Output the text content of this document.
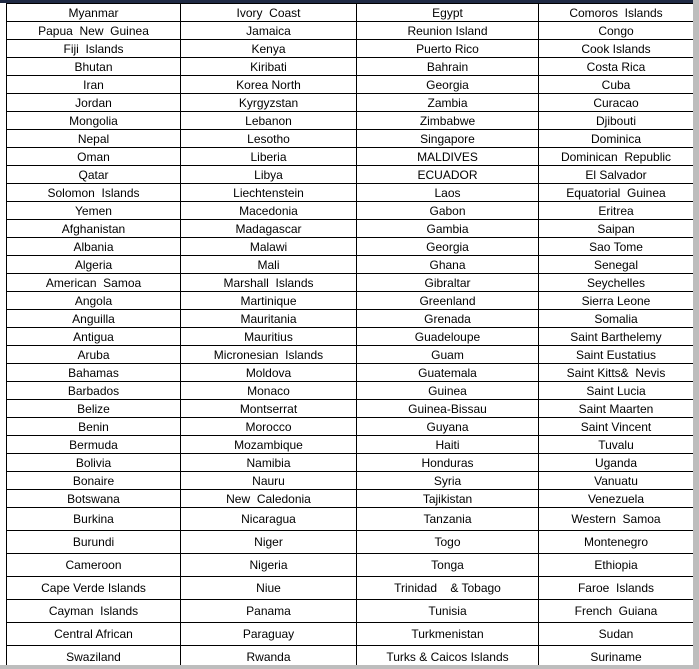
Myanmar	Ivory  Coast	Egypt	Comoros  Islands
Papua  New  Guinea	Jamaica	Reunion Island	Congo
Fiji  Islands	Kenya	Puerto Rico	Cook Islands
Bhutan	Kiribati	Bahrain	Costa Rica
Iran	Korea North	Georgia	Cuba
Jordan	Kyrgyzstan	Zambia	Curacao
Mongolia	Lebanon	Zimbabwe	Djibouti
Nepal	Lesotho	Singapore	Dominica
Oman	Liberia	MALDIVES	Dominican  Republic
Qatar	Libya	ECUADOR	El Salvador
Solomon  Islands	Liechtenstein	Laos	Equatorial  Guinea
Yemen	Macedonia	Gabon	Eritrea
Afghanistan	Madagascar	Gambia	Saipan
Albania	Malawi	Georgia	Sao Tome
Algeria	Mali	Ghana	Senegal
American  Samoa	Marshall  Islands	Gibraltar	Seychelles
Angola	Martinique	Greenland	Sierra Leone
Anguilla	Mauritania	Grenada	Somalia
Antigua	Mauritius	Guadeloupe	Saint Barthelemy
Aruba	Micronesian  Islands	Guam	Saint Eustatius
Bahamas	Moldova	Guatemala	Saint Kitts&  Nevis
Barbados	Monaco	Guinea	Saint Lucia
Belize	Montserrat	Guinea-Bissau	Saint Maarten
Benin	Morocco	Guyana	Saint Vincent
Bermuda	Mozambique	Haiti	Tuvalu
Bolivia	Namibia	Honduras	Uganda
Bonaire	Nauru	Syria	Vanuatu
Botswana	New  Caledonia	Tajikistan	Venezuela
Burkina	Nicaragua	Tanzania	Western  Samoa
Burundi	Niger	Togo	Montenegro
Cameroon	Nigeria	Tonga	Ethiopia
Cape Verde Islands	Niue	Trinidad    & Tobago	Faroe  Islands
Cayman  Islands	Panama	Tunisia	French  Guiana
Central African	Paraguay	Turkmenistan	Sudan
Swaziland	Rwanda	Turks & Caicos Islands	Suriname
